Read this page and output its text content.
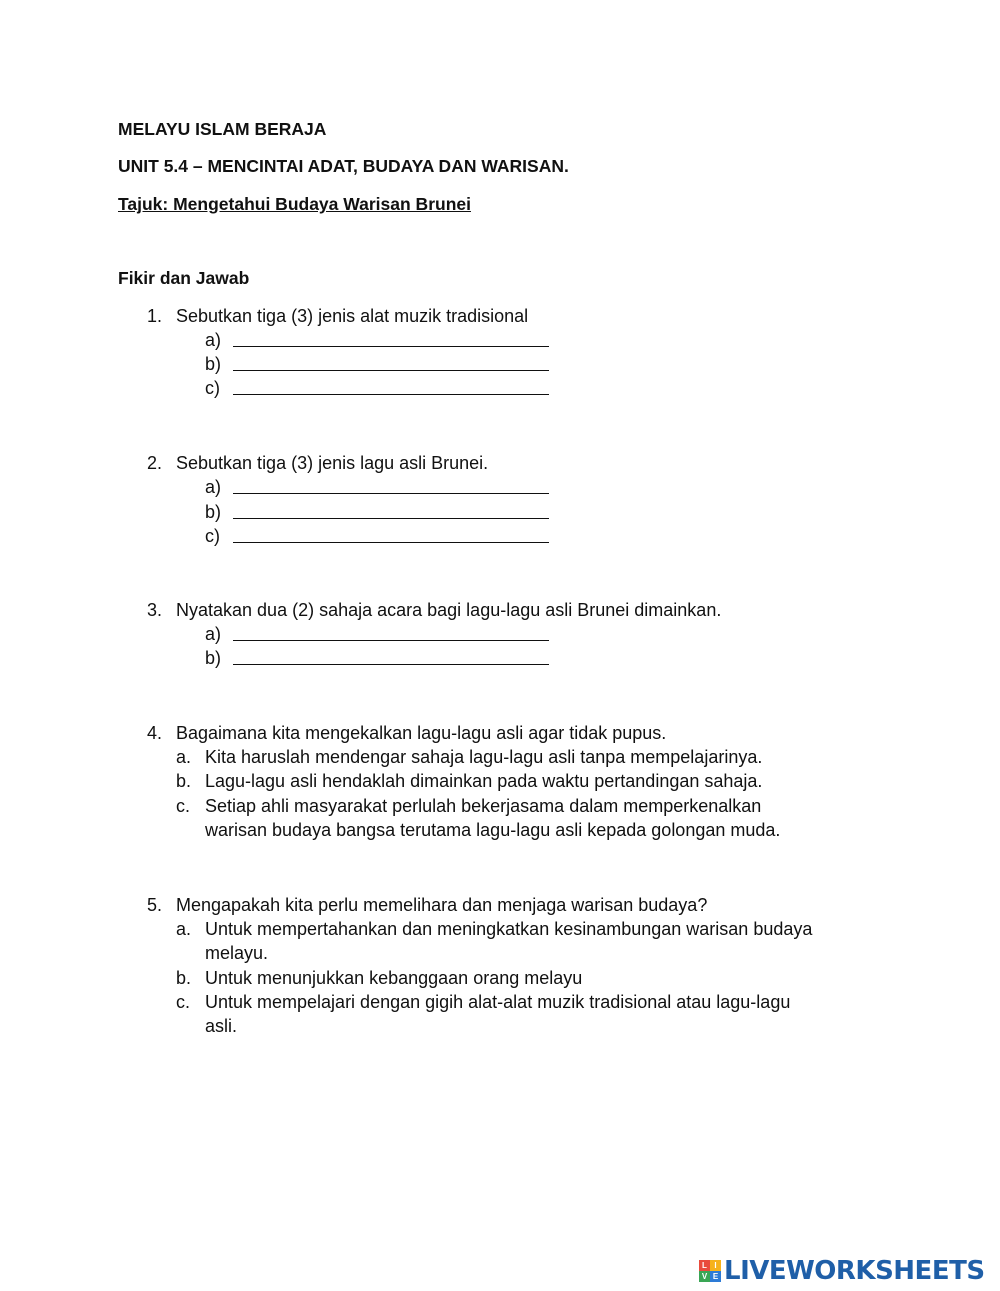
MELAYU ISLAM BERAJA
UNIT 5.4 – MENCINTAI ADAT, BUDAYA DAN WARISAN.
Tajuk: Mengetahui Budaya Warisan Brunei
Fikir dan Jawab
1. Sebutkan tiga (3) jenis alat muzik tradisional
a)
b)
c)
2. Sebutkan tiga (3) jenis lagu asli Brunei.
a)
b)
c)
3. Nyatakan dua (2) sahaja acara bagi lagu-lagu asli Brunei dimainkan.
a)
b)
4. Bagaimana kita mengekalkan lagu-lagu asli agar tidak pupus.
a. Kita haruslah mendengar sahaja lagu-lagu asli tanpa mempelajarinya.
b. Lagu-lagu asli hendaklah dimainkan pada waktu pertandingan sahaja.
c. Setiap ahli masyarakat perlulah bekerjasama dalam memperkenalkan
warisan budaya bangsa terutama lagu-lagu asli kepada golongan muda.
5. Mengapakah kita perlu memelihara dan menjaga warisan budaya?
a. Untuk mempertahankan dan meningkatkan kesinambungan warisan budaya
melayu.
b. Untuk menunjukkan kebanggaan orang melayu
c. Untuk mempelajari dengan gigih alat-alat muzik tradisional atau lagu-lagu
asli.
L I
V E LIVEWORKSHEETS
